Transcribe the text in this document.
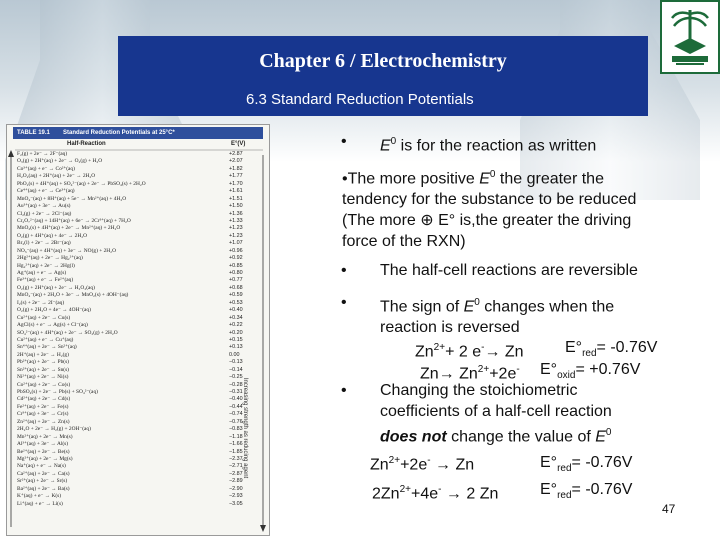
Chapter 6 / Electrochemistry
6.3 Standard Reduction Potentials
TABLE 19.1 Standard Reduction Potentials at 25°C*
Half-Reaction	E°(V)
Increasing strength as reducing agent
F₂(g) + 2e⁻ → 2F⁻(aq)	+2.87
O₃(g) + 2H⁺(aq) + 2e⁻ → O₂(g) + H₂O	+2.07
Co³⁺(aq) + e⁻ → Co²⁺(aq)	+1.82
H₂O₂(aq) + 2H⁺(aq) + 2e⁻ → 2H₂O	+1.77
PbO₂(s) + 4H⁺(aq) + SO₄²⁻(aq) + 2e⁻ → PbSO₄(s) + 2H₂O	+1.70
Ce⁴⁺(aq) + e⁻ → Ce³⁺(aq)	+1.61
MnO₄⁻(aq) + 8H⁺(aq) + 5e⁻ → Mn²⁺(aq) + 4H₂O	+1.51
Au³⁺(aq) + 3e⁻ → Au(s)	+1.50
Cl₂(g) + 2e⁻ → 2Cl⁻(aq)	+1.36
Cr₂O₇²⁻(aq) + 14H⁺(aq) + 6e⁻ → 2Cr³⁺(aq) + 7H₂O	+1.33
MnO₂(s) + 4H⁺(aq) + 2e⁻ → Mn²⁺(aq) + 2H₂O	+1.23
O₂(g) + 4H⁺(aq) + 4e⁻ → 2H₂O	+1.23
Br₂(l) + 2e⁻ → 2Br⁻(aq)	+1.07
NO₃⁻(aq) + 4H⁺(aq) + 3e⁻ → NO(g) + 2H₂O	+0.96
2Hg²⁺(aq) + 2e⁻ → Hg₂²⁺(aq)	+0.92
Hg₂²⁺(aq) + 2e⁻ → 2Hg(l)	+0.85
Ag⁺(aq) + e⁻ → Ag(s)	+0.80
Fe³⁺(aq) + e⁻ → Fe²⁺(aq)	+0.77
O₂(g) + 2H⁺(aq) + 2e⁻ → H₂O₂(aq)	+0.68
MnO₄⁻(aq) + 2H₂O + 3e⁻ → MnO₂(s) + 4OH⁻(aq)	+0.59
I₂(s) + 2e⁻ → 2I⁻(aq)	+0.53
O₂(g) + 2H₂O + 4e⁻ → 4OH⁻(aq)	+0.40
Cu²⁺(aq) + 2e⁻ → Cu(s)	+0.34
AgCl(s) + e⁻ → Ag(s) + Cl⁻(aq)	+0.22
SO₄²⁻(aq) + 4H⁺(aq) + 2e⁻ → SO₂(g) + 2H₂O	+0.20
Cu²⁺(aq) + e⁻ → Cu⁺(aq)	+0.15
Sn⁴⁺(aq) + 2e⁻ → Sn²⁺(aq)	+0.13
2H⁺(aq) + 2e⁻ → H₂(g)	0.00
Pb²⁺(aq) + 2e⁻ → Pb(s)	−0.13
Sn²⁺(aq) + 2e⁻ → Sn(s)	−0.14
Ni²⁺(aq) + 2e⁻ → Ni(s)	−0.25
Co²⁺(aq) + 2e⁻ → Co(s)	−0.28
PbSO₄(s) + 2e⁻ → Pb(s) + SO₄²⁻(aq)	−0.31
Cd²⁺(aq) + 2e⁻ → Cd(s)	−0.40
Fe²⁺(aq) + 2e⁻ → Fe(s)	−0.44
Cr³⁺(aq) + 3e⁻ → Cr(s)	−0.74
Zn²⁺(aq) + 2e⁻ → Zn(s)	−0.76
2H₂O + 2e⁻ → H₂(g) + 2OH⁻(aq)	−0.83
Mn²⁺(aq) + 2e⁻ → Mn(s)	−1.18
Al³⁺(aq) + 3e⁻ → Al(s)	−1.66
Be²⁺(aq) + 2e⁻ → Be(s)	−1.85
Mg²⁺(aq) + 2e⁻ → Mg(s)	−2.37
Na⁺(aq) + e⁻ → Na(s)	−2.71
Ca²⁺(aq) + 2e⁻ → Ca(s)	−2.87
Sr²⁺(aq) + 2e⁻ → Sr(s)	−2.89
Ba²⁺(aq) + 2e⁻ → Ba(s)	−2.90
K⁺(aq) + e⁻ → K(s)	−2.93
Li⁺(aq) + e⁻ → Li(s)	−3.05
• $E^0$ is for the reaction as written
•The more positive $E^0$ the greater the
tendency for the substance to be reduced
(The more ⊕ E° is,the greater the driving
force of the RXN)
• The half-cell reactions are reversible
• The sign of $E^0$ changes when the
reaction is reversed
$Zn^{2+}+ 2$ e-→ Zn	$E^\circ_{red}= -0.76V$
$Zn\to Zn^{2+}+2e^-$ $E^\circ_{oxid}= +0.76V$
• Changing the stoichiometric
coefficients of a half-cell reaction
does not change the value of $E^0$
$Zn^{2+}+2e^- \to Zn$	$E^\circ_{red}= -0.76V$
$2Zn^{2+}+4e^- \to 2$ Zn	$E^\circ_{red}= -0.76V$
47
